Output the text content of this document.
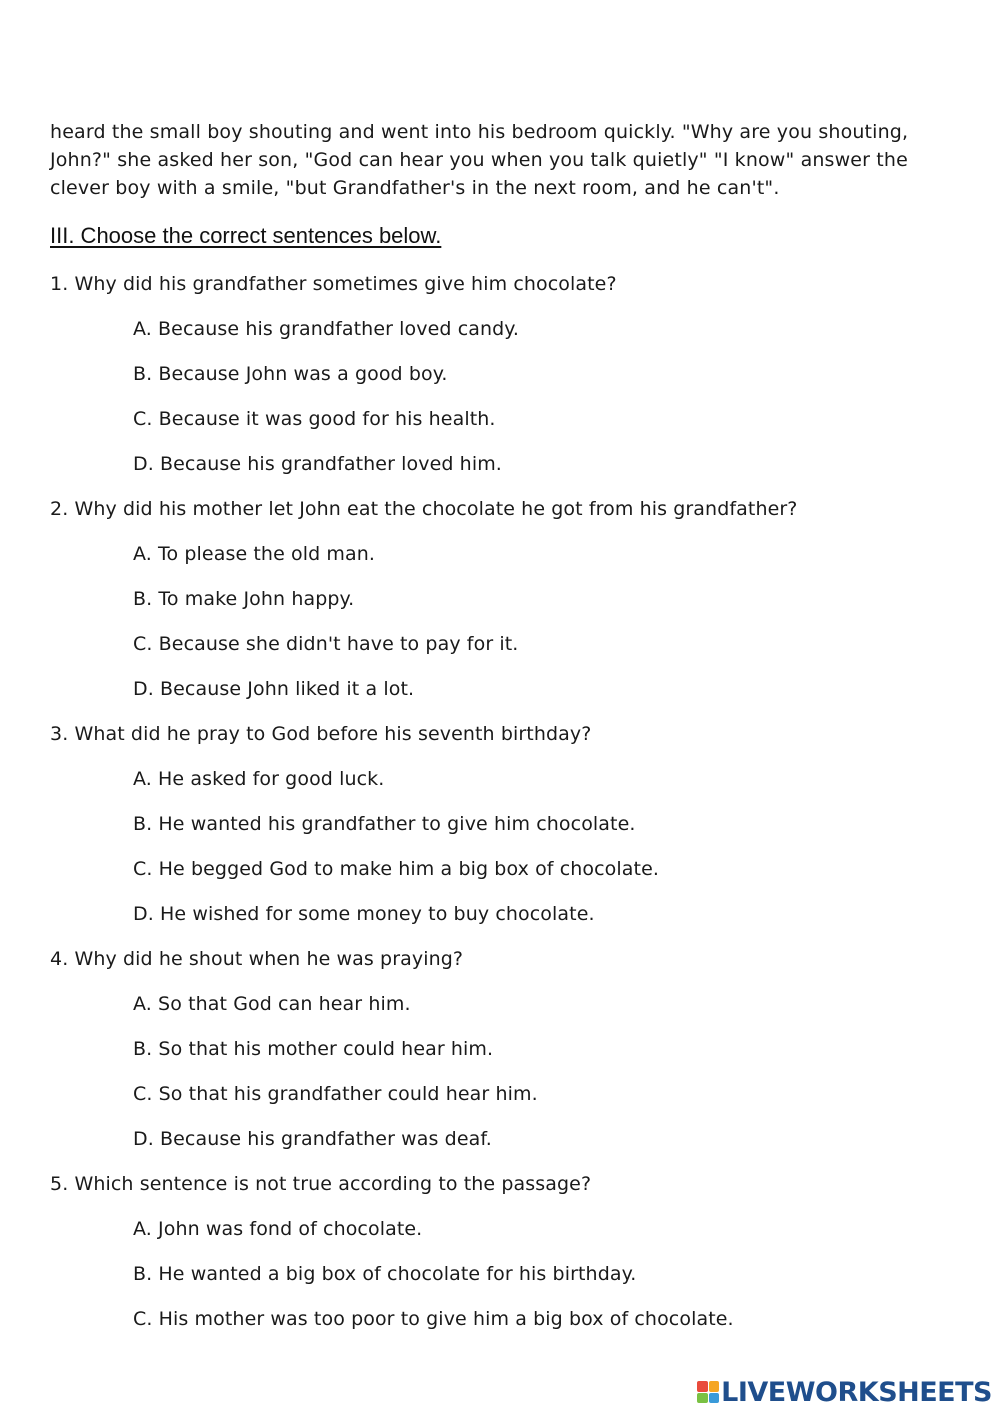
heard the small boy shouting and went into his bedroom quickly. "Why are you shouting, John?" she asked her son, "God can hear you when you talk quietly" "I know" answer the clever boy with a smile, "but Grandfather's in the next room, and he can't".

III. Choose the correct sentences below.

1. Why did his grandfather sometimes give him chocolate?

A. Because his grandfather loved candy.
B. Because John was a good boy.
C. Because it was good for his health.
D. Because his grandfather loved him.

2. Why did his mother let John eat the chocolate he got from his grandfather?

A. To please the old man.
B. To make John happy.
C. Because she didn't have to pay for it.
D. Because John liked it a lot.

3. What did he pray to God before his seventh birthday?

A. He asked for good luck.
B. He wanted his grandfather to give him chocolate.
C. He begged God to make him a big box of chocolate.
D. He wished for some money to buy chocolate.

4. Why did he shout when he was praying?

A. So that God can hear him.
B. So that his mother could hear him.
C. So that his grandfather could hear him.
D. Because his grandfather was deaf.

5. Which sentence is not true according to the passage?

A. John was fond of chocolate.
B. He wanted a big box of chocolate for his birthday.
C. His mother was too poor to give him a big box of chocolate.
LIVEWORKSHEETS
